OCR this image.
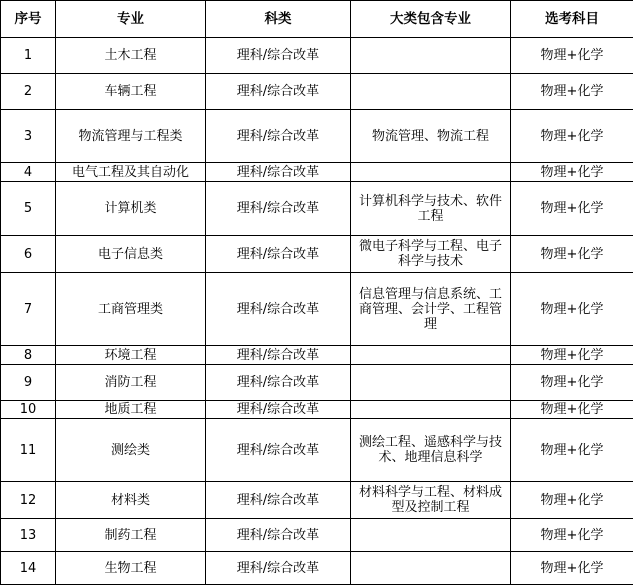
序号	专业	科类	大类包含专业	选考科目
1	土木工程	理科/综合改革		物理+化学
2	车辆工程	理科/综合改革		物理+化学
3	物流管理与工程类	理科/综合改革	物流管理、物流工程	物理+化学
4	电气工程及其自动化	理科/综合改革		物理+化学
5	计算机类	理科/综合改革	计算机科学与技术、软件工程	物理+化学
6	电子信息类	理科/综合改革	微电子科学与工程、电子科学与技术	物理+化学
7	工商管理类	理科/综合改革	信息管理与信息系统、工商管理、会计学、工程管理	物理+化学
8	环境工程	理科/综合改革		物理+化学
9	消防工程	理科/综合改革		物理+化学
10	地质工程	理科/综合改革		物理+化学
11	测绘类	理科/综合改革	测绘工程、遥感科学与技术、地理信息科学	物理+化学
12	材料类	理科/综合改革	材料科学与工程、材料成型及控制工程	物理+化学
13	制药工程	理科/综合改革		物理+化学
14	生物工程	理科/综合改革		物理+化学
